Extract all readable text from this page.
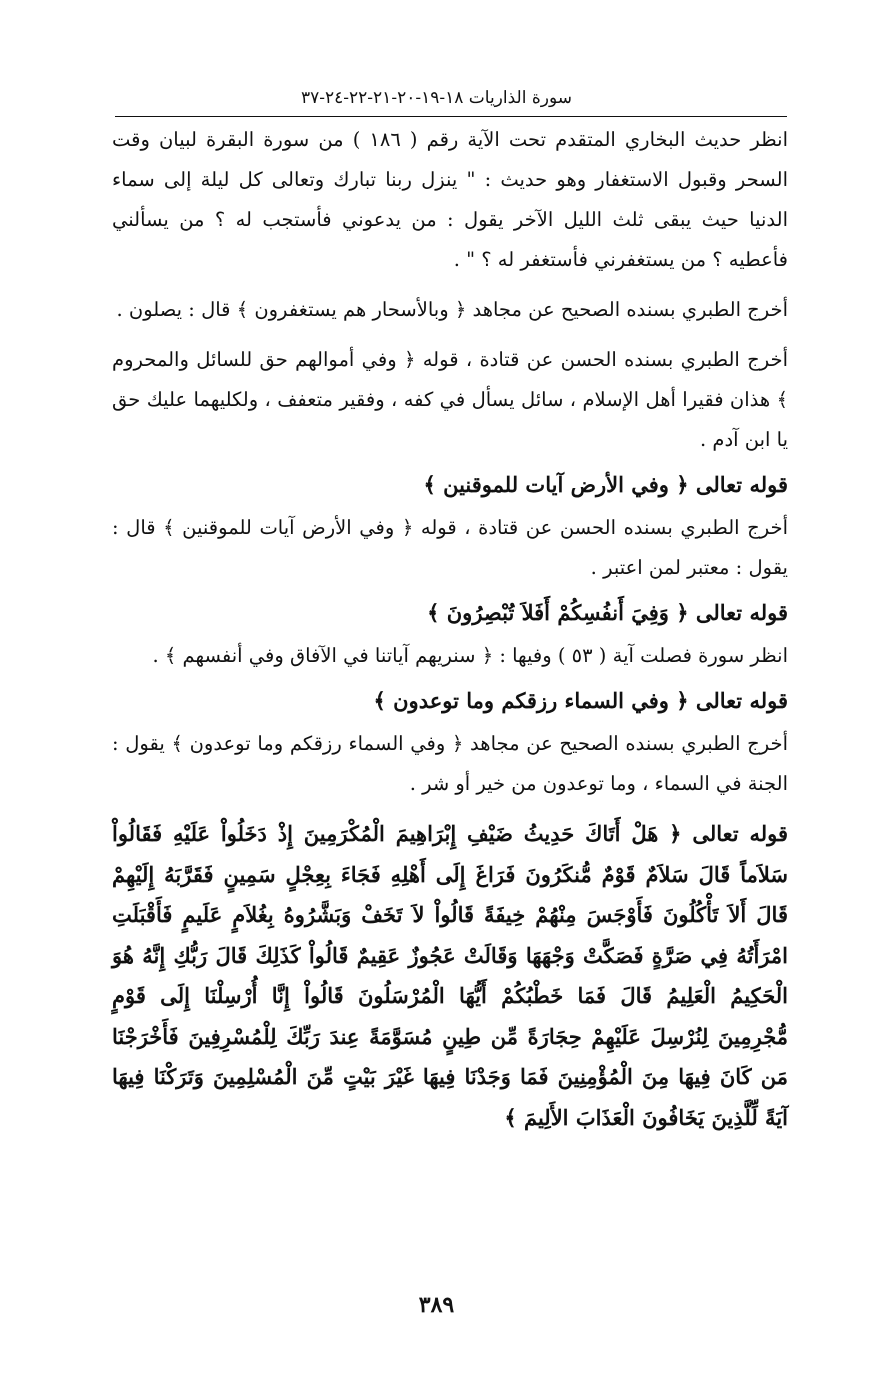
سورة الذاريات ١٨-١٩-٢٠-٢١-٢٢-٢٤-٣٧

انظر حديث البخاري المتقدم تحت الآية رقم ( ١٨٦ ) من سورة البقرة لبيان وقت السحر وقبول الاستغفار وهو حديث : " ينزل ربنا تبارك وتعالى كل ليلة إلى سماء الدنيا حيث يبقى ثلث الليل الآخر يقول : من يدعوني فأستجب له ؟ من يسألني فأعطيه ؟ من يستغفرني فأستغفر له ؟ " .

أخرج الطبري بسنده الصحيح عن مجاهد ﴿ وبالأسحار هم يستغفرون ﴾ قال : يصلون .

أخرج الطبري بسنده الحسن عن قتادة ، قوله ﴿ وفي أموالهم حق للسائل والمحروم ﴾ هذان فقيرا أهل الإسلام ، سائل يسأل في كفه ، وفقير متعفف ، ولكليهما عليك حق يا ابن آدم .

قوله تعالى ﴿ وفي الأرض آيات للموقنين ﴾

أخرج الطبري بسنده الحسن عن قتادة ، قوله ﴿ وفي الأرض آيات للموقنين ﴾ قال : يقول : معتبر لمن اعتبر .

قوله تعالى ﴿ وَفِيَ أَنفُسِكُمْ أَفَلاَ تُبْصِرُونَ ﴾

انظر سورة فصلت آية ( ٥٣ ) وفيها : ﴿ سنريهم آياتنا في الآفاق وفي أنفسهم ﴾ .

قوله تعالى ﴿ وفي السماء رزقكم وما توعدون ﴾

أخرج الطبري بسنده الصحيح عن مجاهد ﴿ وفي السماء رزقكم وما توعدون ﴾ يقول : الجنة في السماء ، وما توعدون من خير أو شر .

قوله تعالى ﴿ هَلْ أَتَاكَ حَدِيثُ ضَيْفِ إِبْرَاهِيمَ الْمُكْرَمِينَ إِذْ دَخَلُواْ عَلَيْهِ فَقَالُواْ سَلاَماً قَالَ سَلاَمٌ قَوْمٌ مُّنكَرُونَ فَرَاغَ إِلَى أَهْلِهِ فَجَاءَ بِعِجْلٍ سَمِينٍ فَقَرَّبَهُ إِلَيْهِمْ قَالَ أَلاَ تَأْكُلُونَ فَأَوْجَسَ مِنْهُمْ خِيفَةً قَالُواْ لاَ تَخَفْ وَبَشَّرُوهُ بِغُلاَمٍ عَلَيمٍ فَأَقْبَلَتِ امْرَأَتُهُ فِي صَرَّةٍ فَصَكَّتْ وَجْهَهَا وَقَالَتْ عَجُوزٌ عَقِيمٌ قَالُواْ كَذَلِكَ قَالَ رَبُّكِ إِنَّهُ هُوَ الْحَكِيمُ الْعَلِيمُ قَالَ فَمَا خَطْبُكُمْ أَيُّهَا الْمُرْسَلُونَ قَالُواْ إِنَّا أُرْسِلْنَا إِلَى قَوْمٍ مُّجْرِمِينَ لِنُرْسِلَ عَلَيْهِمْ حِجَارَةً مِّن طِينٍ مُسَوَّمَةً عِندَ رَبِّكَ لِلْمُسْرِفِينَ فَأَخْرَجْنَا مَن كَانَ فِيهَا مِنَ الْمُؤْمِنِينَ فَمَا وَجَدْنَا فِيهَا غَيْرَ بَيْتٍ مِّنَ الْمُسْلِمِينَ وَتَرَكْنَا فِيهَا آيَةً لِّلَّذِينَ يَخَافُونَ الْعَذَابَ الأَلِيمَ ﴾

٣٨٩
